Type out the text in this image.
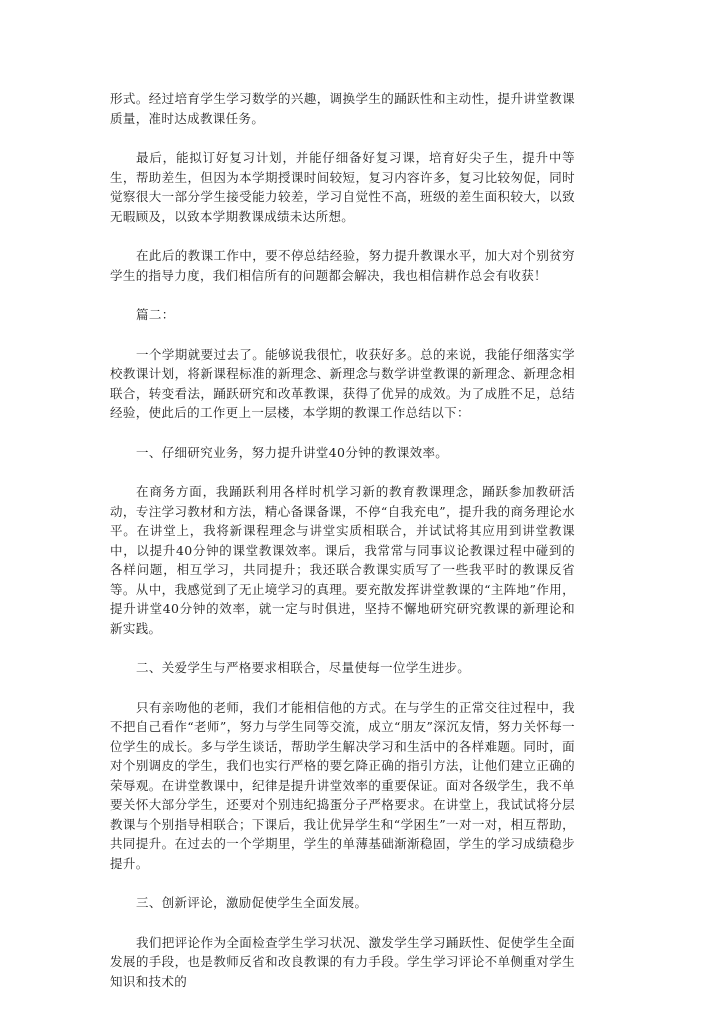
形式。经过培育学生学习数学的兴趣，调换学生的踊跃性和主动性，提升讲堂教课质量，准时达成教课任务。

最后，能拟订好复习计划，并能仔细备好复习课，培育好尖子生，提升中等生，帮助差生，但因为本学期授课时间较短，复习内容许多，复习比较匆促，同时觉察很大一部分学生接受能力较差，学习自觉性不高，班级的差生面积较大，以致无暇顾及，以致本学期教课成绩未达所想。

在此后的教课工作中，要不停总结经验，努力提升教课水平，加大对个别贫穷学生的指导力度，我们相信所有的问题都会解决，我也相信耕作总会有收获！

篇二：

一个学期就要过去了。能够说我很忙，收获好多。总的来说，我能仔细落实学校教课计划，将新课程标准的新理念、新理念与数学讲堂教课的新理念、新理念相联合，转变看法，踊跃研究和改革教课，获得了优异的成效。为了成胜不足，总结经验，使此后的工作更上一层楼，本学期的教课工作总结以下：

一、仔细研究业务，努力提升讲堂40分钟的教课效率。

在商务方面，我踊跃利用各样时机学习新的教育教课理念，踊跃参加教研活动，专注学习教材和方法，精心备课备课，不停“自我充电”，提升我的商务理论水平。在讲堂上，我将新课程理念与讲堂实质相联合，并试试将其应用到讲堂教课中，以提升40分钟的课堂教课效率。课后，我常常与同事议论教课过程中碰到的各样问题，相互学习，共同提升；我还联合教课实质写了一些我平时的教课反省等。从中，我感觉到了无止境学习的真理。要充散发挥讲堂教课的“主阵地”作用，提升讲堂40分钟的效率，就一定与时俱进，坚持不懈地研究研究教课的新理论和新实践。

二、关爱学生与严格要求相联合，尽量使每一位学生进步。

只有亲吻他的老师，我们才能相信他的方式。在与学生的正常交往过程中，我不把自己看作“老师”，努力与学生同等交流，成立“朋友”深沉友情，努力关怀每一位学生的成长。多与学生谈话，帮助学生解决学习和生活中的各样难题。同时，面对个别调皮的学生，我们也实行严格的要乞降正确的指引方法，让他们建立正确的荣辱观。在讲堂教课中，纪律是提升讲堂效率的重要保证。面对各级学生，我不单要关怀大部分学生，还要对个别违纪捣蛋分子严格要求。在讲堂上，我试试将分层教课与个别指导相联合；下课后，我让优异学生和“学困生”一对一对，相互帮助，共同提升。在过去的一个学期里，学生的单薄基础渐渐稳固，学生的学习成绩稳步提升。

三、创新评论，激励促使学生全面发展。

我们把评论作为全面检查学生学习状况、激发学生学习踊跃性、促使学生全面发展的手段，也是教师反省和改良教课的有力手段。学生学习评论不单侧重对学生知识和技术的
